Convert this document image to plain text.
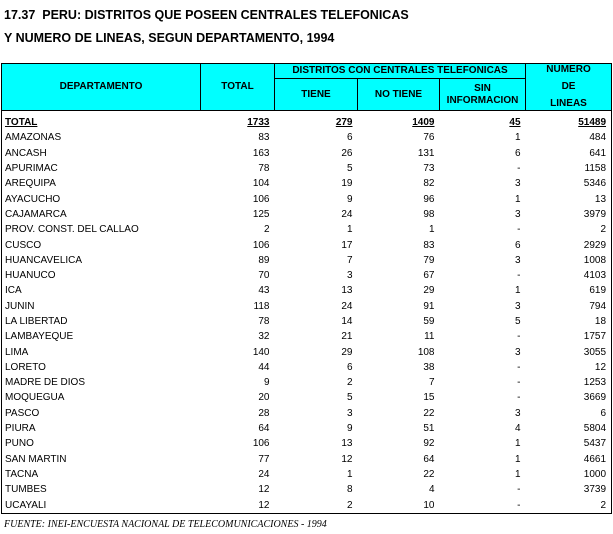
17.37  PERU: DISTRITOS QUE POSEEN CENTRALES TELEFONICAS
Y NUMERO DE LINEAS, SEGUN DEPARTAMENTO, 1994
DEPARTAMENTO	TOTAL	DISTRITOS CON CENTRALES TELEFONICAS			NUMERO
DE
LINEAS

		TIENE	NO TIENE	SIN
INFORMACION	

TOTAL	1733	279	1409	45	51489
AMAZONAS	83	6	76	1	484
ANCASH	163	26	131	6	641
APURIMAC	78	5	73	-	1158
AREQUIPA	104	19	82	3	5346
AYACUCHO	106	9	96	1	13
CAJAMARCA	125	24	98	3	3979
PROV. CONST. DEL CALLAO	2	1	1	-	2
CUSCO	106	17	83	6	2929
HUANCAVELICA	89	7	79	3	1008
HUANUCO	70	3	67	-	4103
ICA	43	13	29	1	619
JUNIN	118	24	91	3	794
LA LIBERTAD	78	14	59	5	18
LAMBAYEQUE	32	21	11	-	1757
LIMA	140	29	108	3	3055
LORETO	44	6	38	-	12
MADRE DE DIOS	9	2	7	-	1253
MOQUEGUA	20	5	15	-	3669
PASCO	28	3	22	3	6
PIURA	64	9	51	4	5804
PUNO	106	13	92	1	5437
SAN MARTIN	77	12	64	1	4661
TACNA	24	1	22	1	1000
TUMBES	12	8	4	-	3739
UCAYALI	12	2	10	-	2
FUENTE: INEI-ENCUESTA NACIONAL DE TELECOMUNICACIONES - 1994
